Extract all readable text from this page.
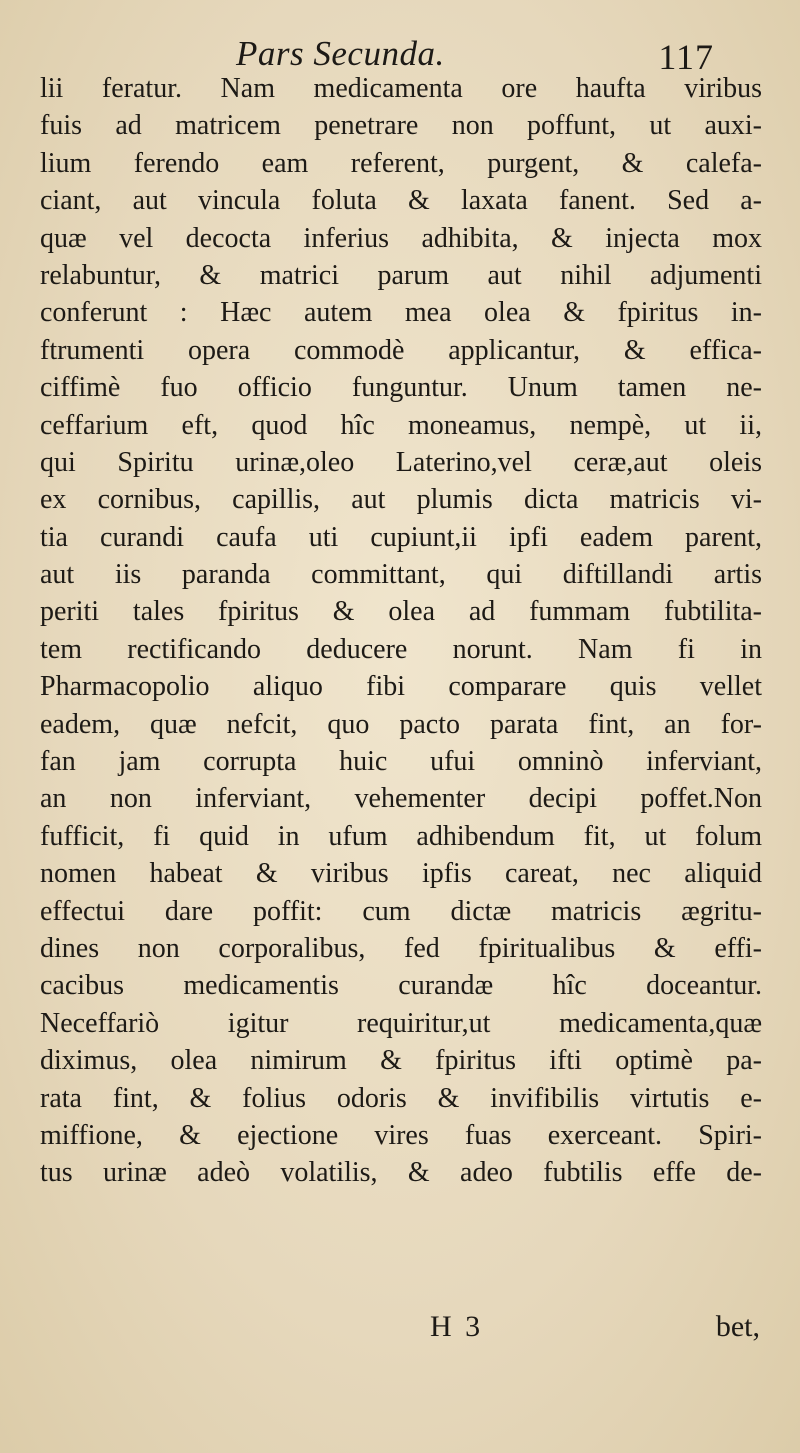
Pars Secunda.	117
lii feratur. Nam medicamenta ore haufta viribus
fuis ad matricem penetrare non poffunt, ut auxi-
lium ferendo eam referent, purgent, & calefa-
ciant, aut vincula foluta & laxata fanent. Sed a-
quæ vel decocta inferius adhibita, & injecta mox
relabuntur, & matrici parum aut nihil adjumenti
conferunt : Hæc autem mea olea & fpiritus in-
ftrumenti opera commodè applicantur, & effica-
ciffimè fuo officio funguntur. Unum tamen ne-
ceffarium eft, quod hîc moneamus, nempè, ut ii,
qui Spiritu urinæ,oleo Laterino,vel ceræ,aut oleis
ex cornibus, capillis, aut plumis dicta matricis vi-
tia curandi caufa uti cupiunt,ii ipfi eadem parent,
aut iis paranda committant, qui diftillandi artis
periti tales fpiritus & olea ad fummam fubtilita-
tem rectificando deducere norunt. Nam fi in
Pharmacopolio aliquo fibi comparare quis vellet
eadem, quæ nefcit, quo pacto parata fint, an for-
fan jam corrupta huic ufui omninò inferviant,
an non inferviant, vehementer decipi poffet.Non
fufficit, fi quid in ufum adhibendum fit, ut folum
nomen habeat & viribus ipfis careat, nec aliquid
effectui dare poffit: cum dictæ matricis ægritu-
dines non corporalibus, fed fpiritualibus & effi-
cacibus medicamentis curandæ hîc doceantur.
Neceffariò igitur requiritur,ut medicamenta,quæ
diximus, olea nimirum & fpiritus ifti optimè pa-
rata fint, & folius odoris & invifibilis virtutis e-
miffione, & ejectione vires fuas exerceant. Spiri-
tus urinæ adeò volatilis, & adeo fubtilis effe de-
H 3	bet,
